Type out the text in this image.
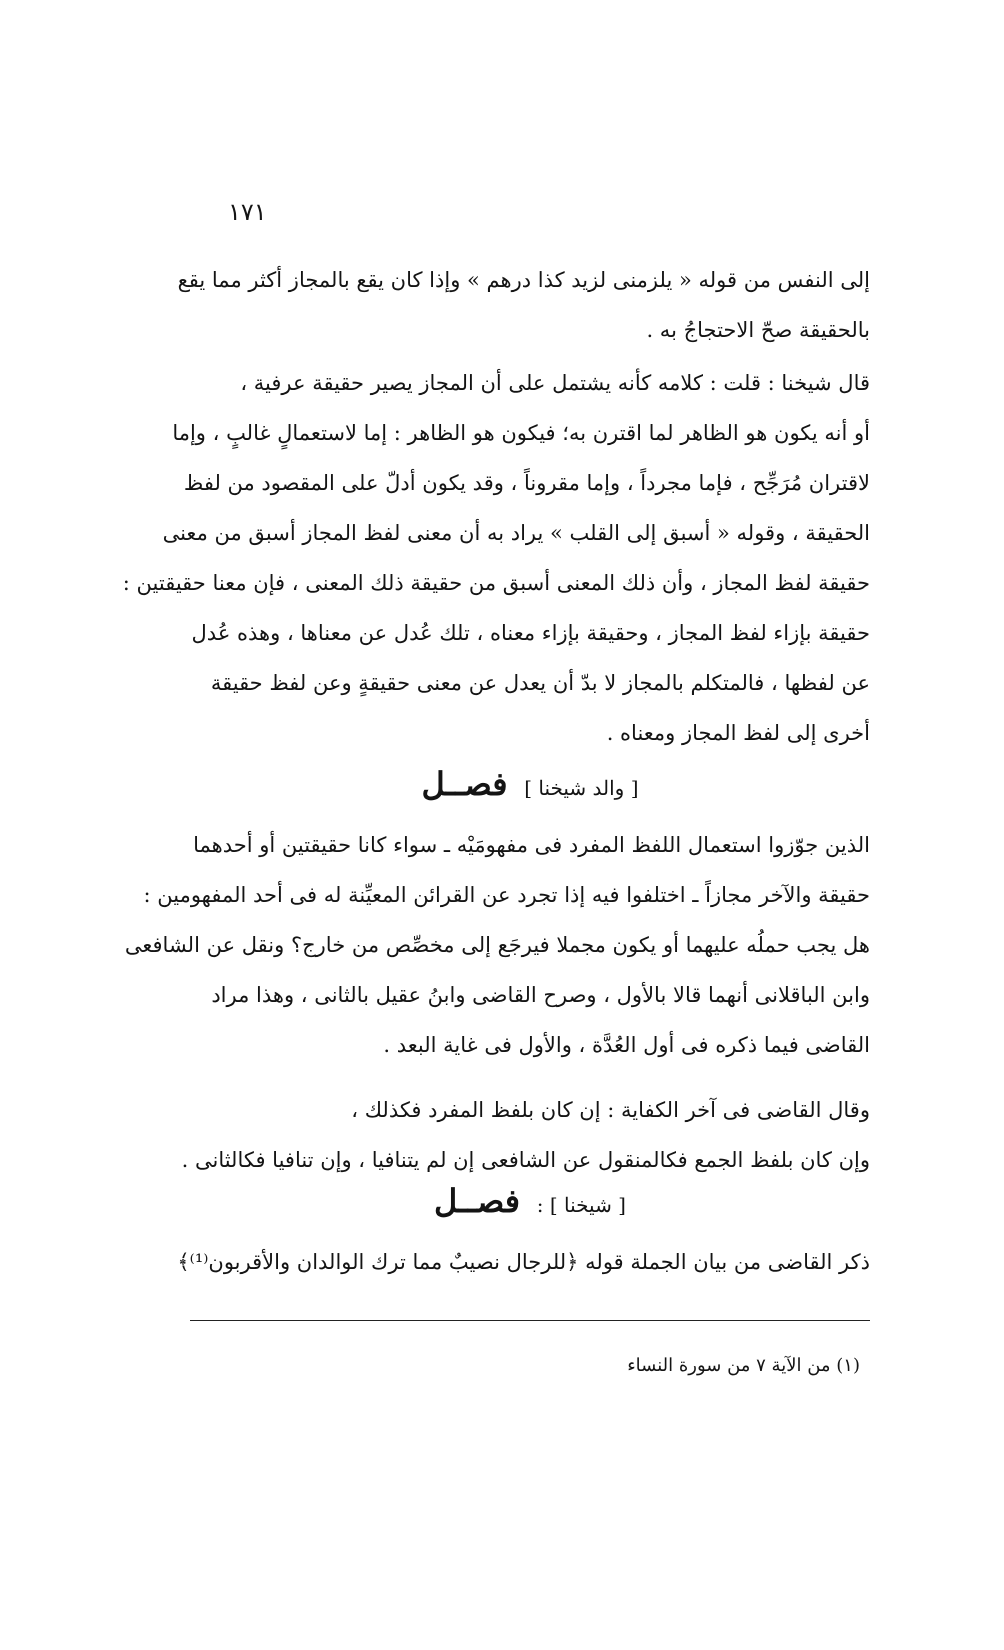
١٧١
إلى النفس من قوله « يلزمنى لزيد كذا درهم » وإذا كان يقع بالمجاز أكثر مما يقع
بالحقيقة صحّ الاحتجاجُ به .
قال شيخنا : قلت : كلامه كأنه يشتمل على أن المجاز يصير حقيقة عرفية ،
أو أنه يكون هو الظاهر لما اقترن به؛ فيكون هو الظاهر : إما لاستعمالٍ غالبٍ ، وإما
لاقتران مُرَجِّح ، فإما مجرداً ، وإما مقروناً ، وقد يكون أدلّ على المقصود من لفظ
الحقيقة ، وقوله « أسبق إلى القلب » يراد به أن معنى لفظ المجاز أسبق من معنى
حقيقة لفظ المجاز ، وأن ذلك المعنى أسبق من حقيقة ذلك المعنى ، فإن معنا حقيقتين :
حقيقة بإزاء لفظ المجاز ، وحقيقة بإزاء معناه ، تلك عُدل عن معناها ، وهذه عُدل
عن لفظها ، فالمتكلم بالمجاز لا بدّ أن يعدل عن معنى حقيقةٍ وعن لفظ حقيقة
أخرى إلى لفظ المجاز ومعناه .
[ والد شيخنا ] فصــل
الذين جوّزوا استعمال اللفظ المفرد فى مفهومَيْه ـ سواء كانا حقيقتين أو أحدهما
حقيقة والآخر مجازاً ـ اختلفوا فيه إذا تجرد عن القرائن المعيِّنة له فى أحد المفهومين :
هل يجب حملُه عليهما أو يكون مجملا فيرجَع إلى مخصِّص من خارج؟ ونقل عن الشافعى
وابن الباقلانى أنهما قالا بالأول ، وصرح القاضى وابنُ عقيل بالثانى ، وهذا مراد
القاضى فيما ذكره فى أول العُدَّة ، والأول فى غاية البعد .
وقال القاضى فى آخر الكفاية : إن كان بلفظ المفرد فكذلك ،
وإن كان بلفظ الجمع فكالمنقول عن الشافعى إن لم يتنافيا ، وإن تنافيا فكالثانى .
[ شيخنا ] : فصــل
ذكر القاضى من بيان الجملة قوله ﴿للرجال نصيبٌ مما ترك الوالدان والأقربون⁽¹⁾﴾
(١) من الآية ٧ من سورة النساء
